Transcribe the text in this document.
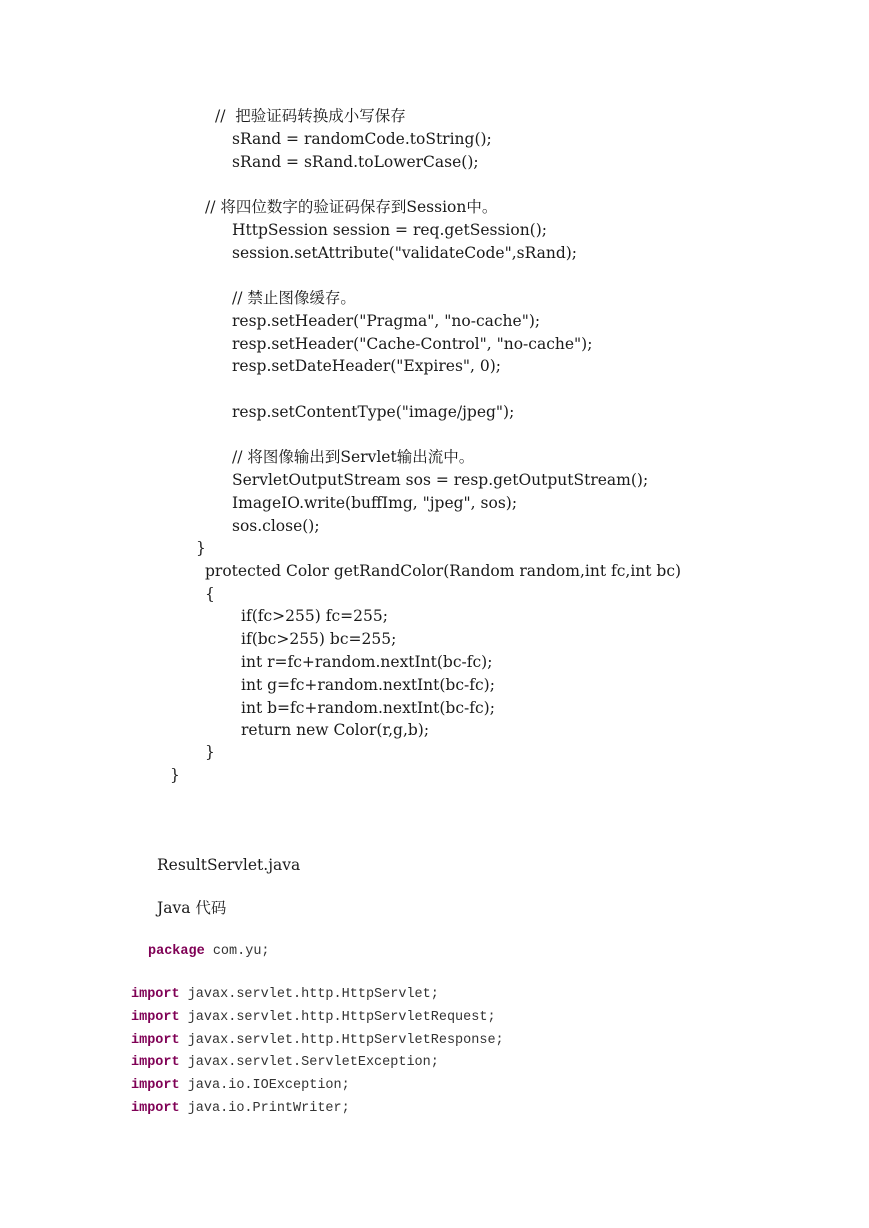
//  把验证码转换成小写保存
sRand = randomCode.toString();
sRand = sRand.toLowerCase();
// 将四位数字的验证码保存到Session中。
HttpSession session = req.getSession();
session.setAttribute("validateCode",sRand);
// 禁止图像缓存。
resp.setHeader("Pragma", "no-cache");
resp.setHeader("Cache-Control", "no-cache");
resp.setDateHeader("Expires", 0);
resp.setContentType("image/jpeg");
// 将图像输出到Servlet输出流中。
ServletOutputStream sos = resp.getOutputStream();
ImageIO.write(buffImg, "jpeg", sos);
sos.close();
}
protected Color getRandColor(Random random,int fc,int bc)
{
if(fc>255) fc=255;
if(bc>255) bc=255;
int r=fc+random.nextInt(bc-fc);
int g=fc+random.nextInt(bc-fc);
int b=fc+random.nextInt(bc-fc);
return new Color(r,g,b);
}
}
ResultServlet.java
Java 代码
package com.yu;
import javax.servlet.http.HttpServlet;
import javax.servlet.http.HttpServletRequest;
import javax.servlet.http.HttpServletResponse;
import javax.servlet.ServletException;
import java.io.IOException;
import java.io.PrintWriter;
